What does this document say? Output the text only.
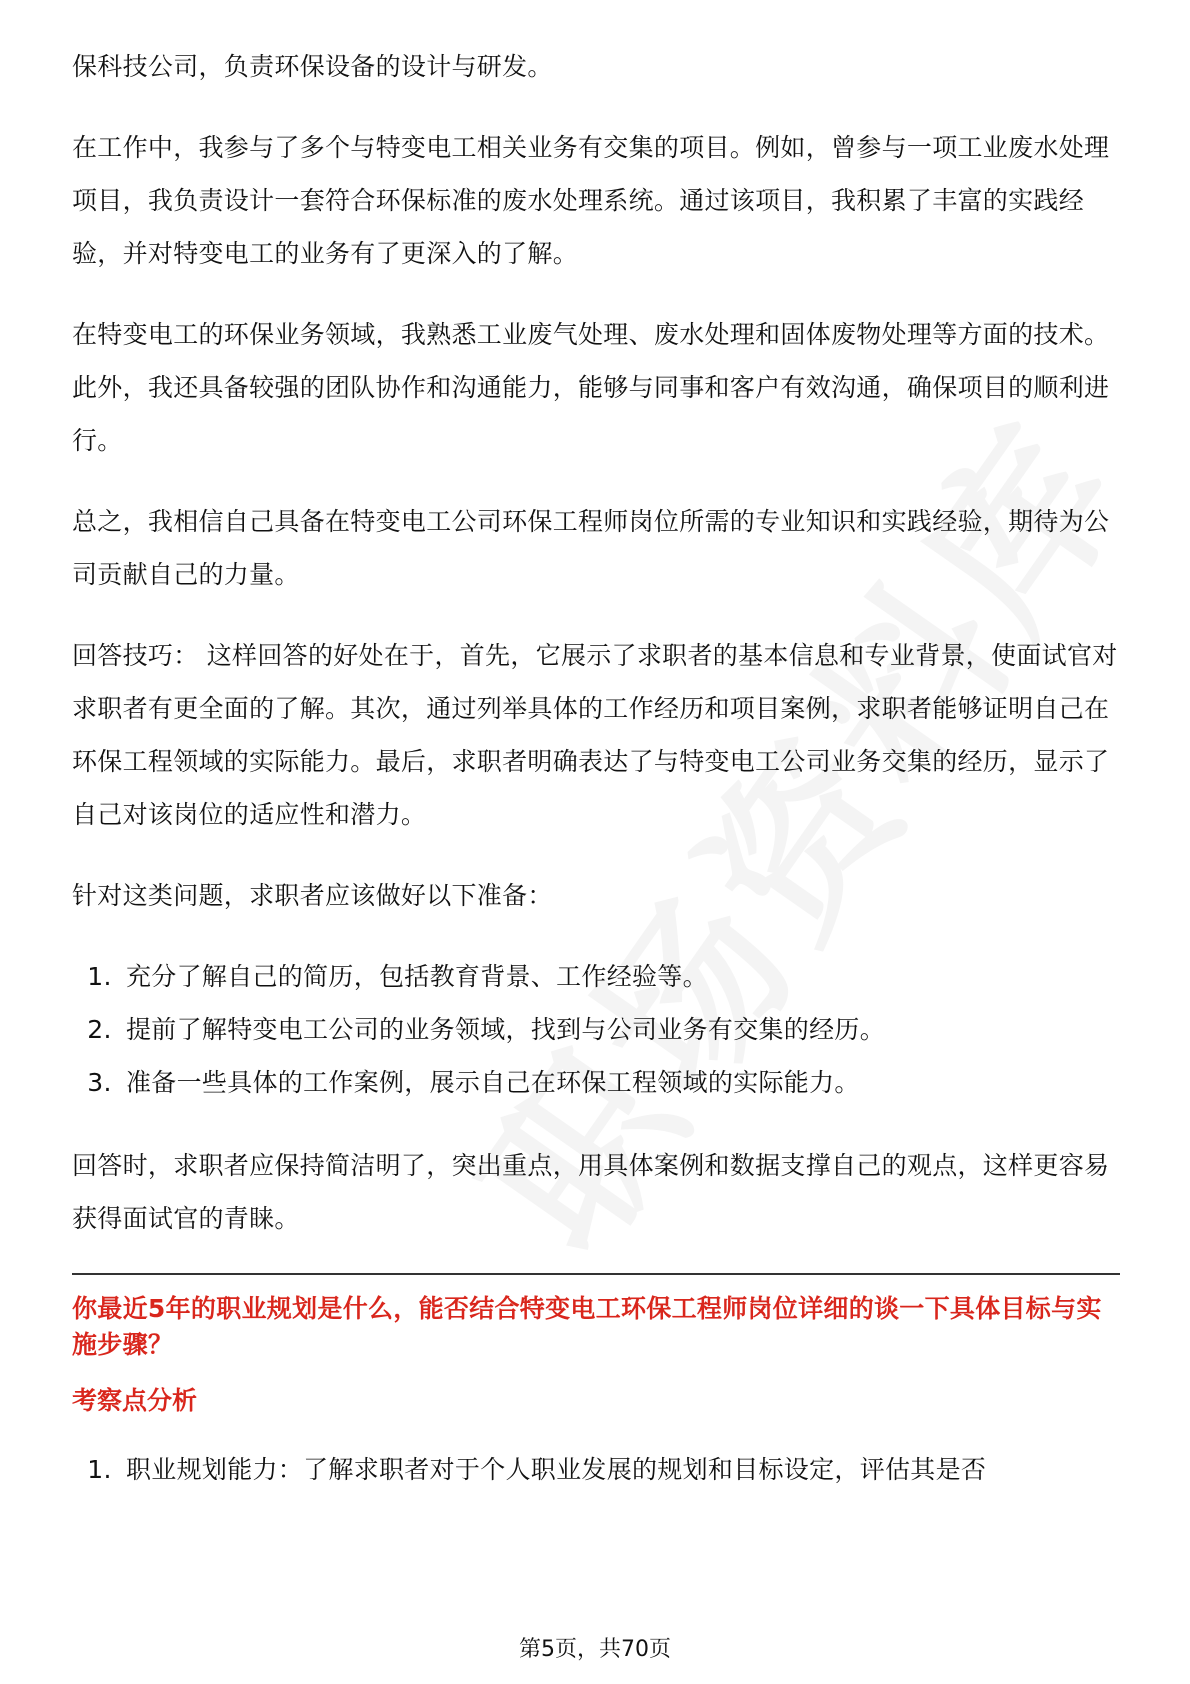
保科技公司，负责环保设备的设计与研发。

在工作中，我参与了多个与特变电工相关业务有交集的项目。例如，曾参与一项工业废水处理项目，我负责设计一套符合环保标准的废水处理系统。通过该项目，我积累了丰富的实践经验，并对特变电工的业务有了更深入的了解。

在特变电工的环保业务领域，我熟悉工业废气处理、废水处理和固体废物处理等方面的技术。此外，我还具备较强的团队协作和沟通能力，能够与同事和客户有效沟通，确保项目的顺利进行。

总之，我相信自己具备在特变电工公司环保工程师岗位所需的专业知识和实践经验，期待为公司贡献自己的力量。

回答技巧： 这样回答的好处在于，首先，它展示了求职者的基本信息和专业背景，使面试官对求职者有更全面的了解。其次，通过列举具体的工作经历和项目案例，求职者能够证明自己在环保工程领域的实际能力。最后，求职者明确表达了与特变电工公司业务交集的经历，显示了自己对该岗位的适应性和潜力。

针对这类问题，求职者应该做好以下准备：

1. 充分了解自己的简历，包括教育背景、工作经验等。
2. 提前了解特变电工公司的业务领域，找到与公司业务有交集的经历。
3. 准备一些具体的工作案例，展示自己在环保工程领域的实际能力。

回答时，求职者应保持简洁明了，突出重点，用具体案例和数据支撑自己的观点，这样更容易获得面试官的青睐。

你最近5年的职业规划是什么，能否结合特变电工环保工程师岗位详细的谈一下具体目标与实施步骤？
考察点分析
1. 职业规划能力：了解求职者对于个人职业发展的规划和目标设定，评估其是否
第5页，共70页
